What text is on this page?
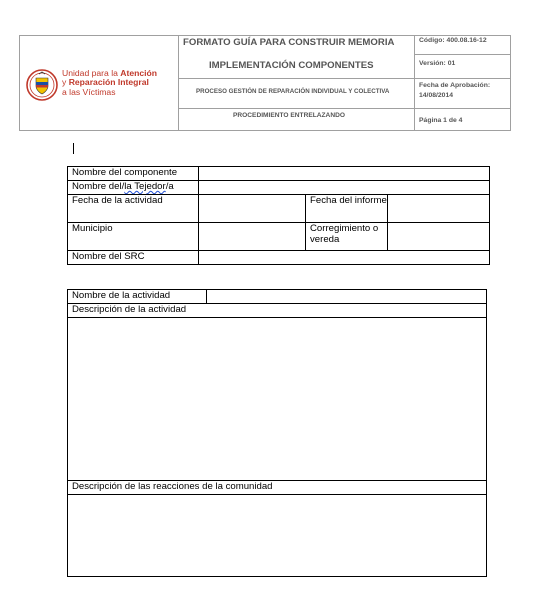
Unidad para la Atención
y Reparación Integral
a las Víctimas
FORMATO GUÍA PARA CONSTRUIR MEMORIA
IMPLEMENTACIÓN COMPONENTES
PROCESO GESTIÓN DE REPARACIÓN INDIVIDUAL Y COLECTIVA
PROCEDIMIENTO ENTRELAZANDO
Código: 400.08.16-12
Versión: 01
Fecha de Aprobación:
14/08/2014
Página 1 de 4
Nombre del componente			
Nombre del/la Tejedor/a			
Fecha de la actividad		Fecha del informe	
Municipio		Corregimiento o vereda	
Nombre del SRC			
Nombre de la actividad	
Descripción de la actividad

Descripción de las reacciones de la comunidad
